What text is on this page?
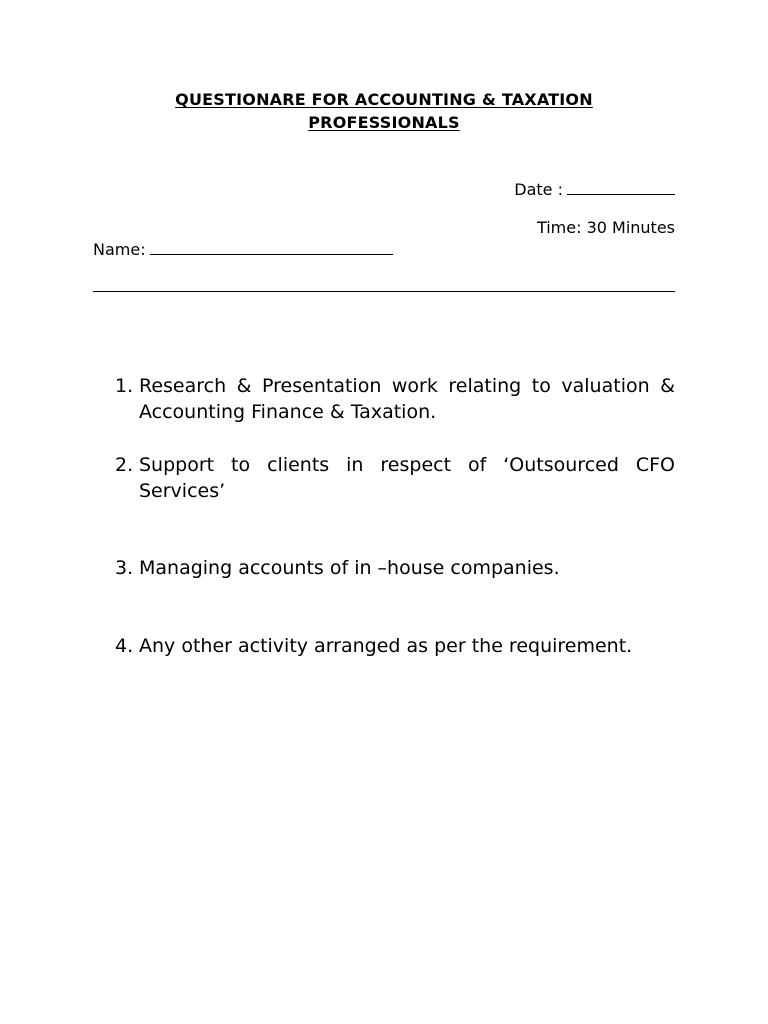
QUESTIONARE FOR ACCOUNTING & TAXATION
PROFESSIONALS
Date :
Time: 30 Minutes
Name:
1. Research & Presentation work relating to valuation & Accounting Finance & Taxation.
2. Support to clients in respect of ‘Outsourced CFO Services’
3. Managing accounts of in –house companies.
4. Any other activity arranged as per the requirement.
